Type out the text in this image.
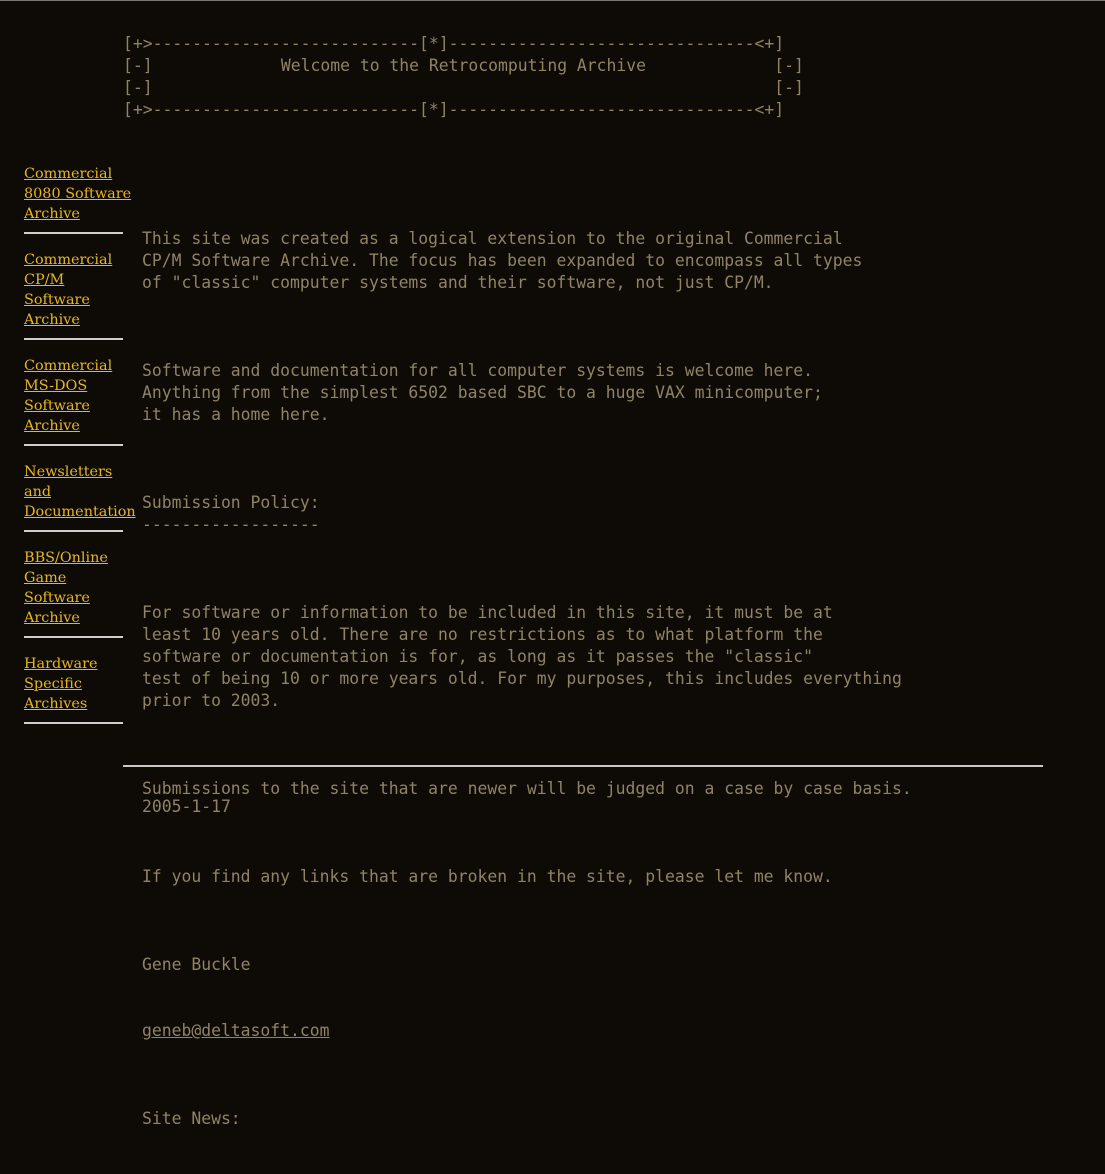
[+>---------------------------[*]-------------------------------<+]
[-]             Welcome to the Retrocomputing Archive             [-]
[-]                                                               [-]
[+>---------------------------[*]-------------------------------<+]
Commercial
8080 Software
Archive
Commercial
CP/M
Software
Archive
Commercial
MS-DOS
Software
Archive
Newsletters
and
Documentation
BBS/Online
Game
Software
Archive
Hardware
Specific
Archives

This site was created as a logical extension to the original Commercial
CP/M Software Archive. The focus has been expanded to encompass all types
of "classic" computer systems and their software, not just CP/M.

Software and documentation for all computer systems is welcome here.
Anything from the simplest 6502 based SBC to a huge VAX minicomputer;
it has a home here.

Submission Policy:
------------------

For software or information to be included in this site, it must be at
least 10 years old. There are no restrictions as to what platform the
software or documentation is for, as long as it passes the "classic"
test of being 10 or more years old. For my purposes, this includes everything
prior to 2003.

Submissions to the site that are newer will be judged on a case by case basis.

If you find any links that are broken in the site, please let me know.

Gene Buckle

geneb@deltasoft.com

Site News:

2005-1-17
